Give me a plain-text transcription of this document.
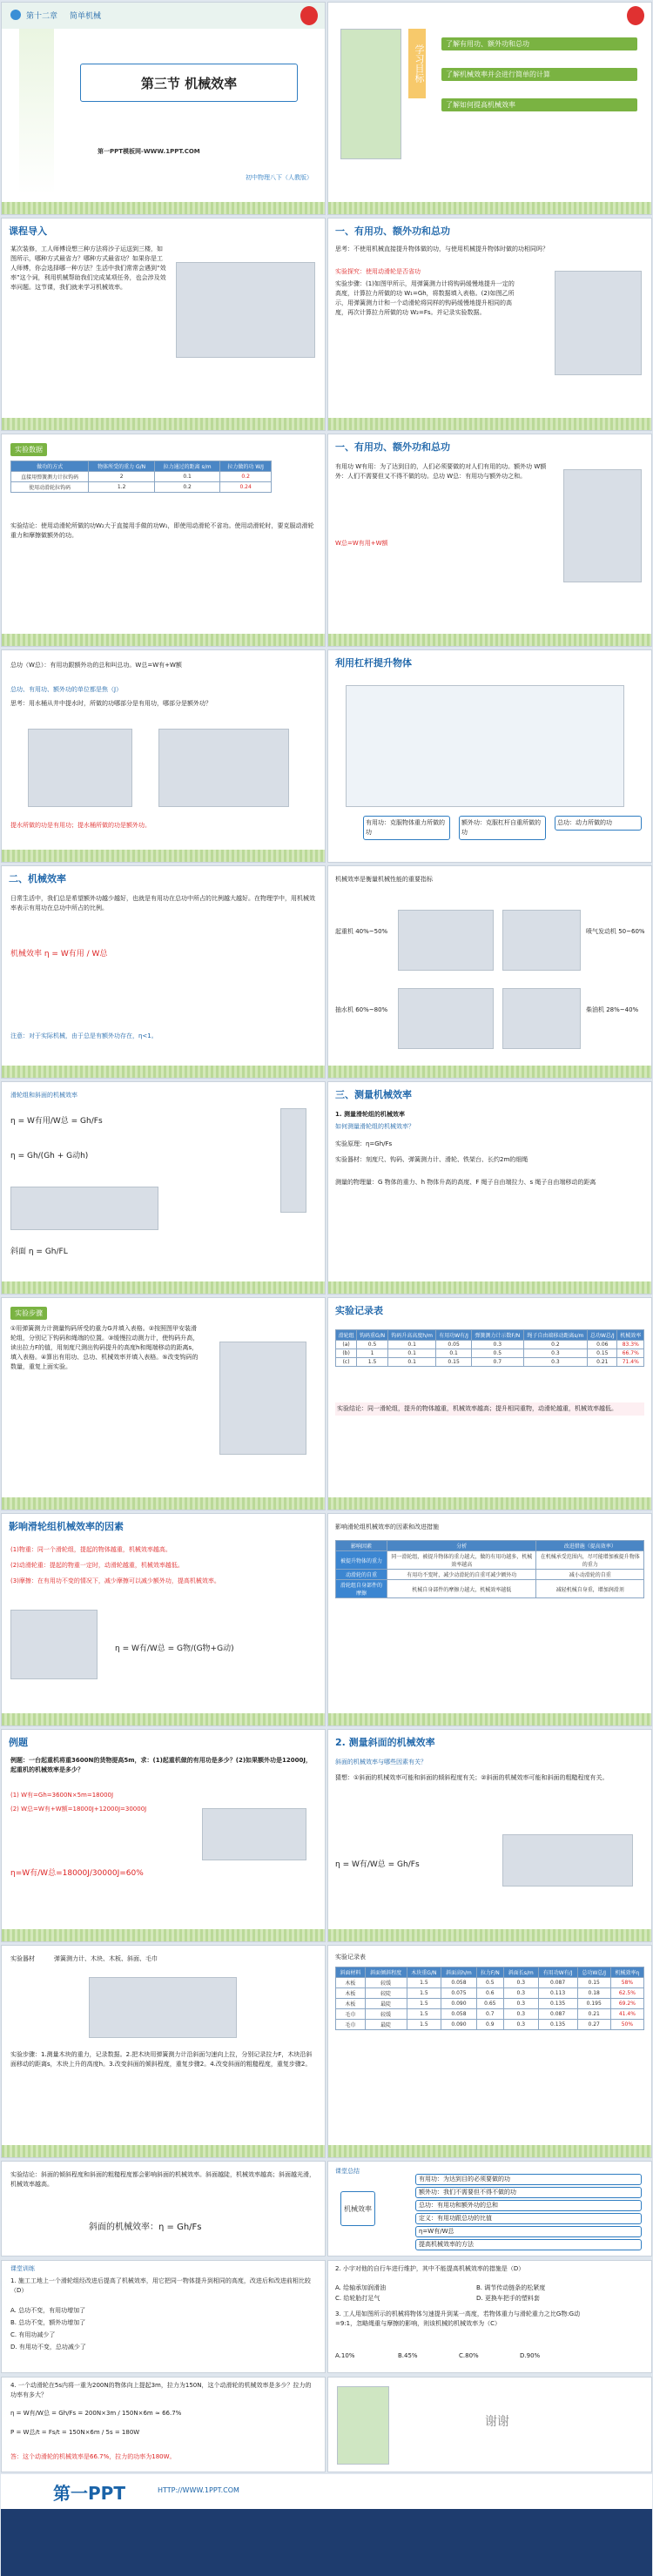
第十二章 简单机械
第三节 机械效率
第一PPT模板网-WWW.1PPT.COM
初中物理八下（人教版）
学习目标
了解有用功、额外功和总功
了解机械效率并会进行简单的计算
了解如何提高机械效率
课程导入
某次装修，工人师傅设想三种方法将沙子运送到三楼，如图所示，哪种方式最省力？哪种方式最省功？如果你是工人师傅，你会选择哪一种方法？生活中我们常常会遇到“效率”这个词，利用机械帮助我们完成某项任务，也会涉及效率问题。这节课，我们就来学习机械效率。
一、有用功、额外功和总功
思考：不使用机械直接提升物体做的功，与使用机械提升物体时做的功相同吗？
实验探究：使用动滑轮是否省功
实验步骤：(1)如图甲所示，用弹簧测力计将钩码缓慢地提升一定的高度，计算拉力所做的功 W₁=Gh，将数据填入表格。(2)如图乙所示，用弹簧测力计和一个动滑轮将同样的钩码缓慢地提升相同的高度，再次计算拉力所做的功 W₂=Fs。并记录实验数据。
实验数据
做功的方式	物体所受的重力 G/N	拉力通过的距离 s/m	拉力做的功 W/J
直接用弹簧测力计拉钩码	2	0.1	0.2
使用动滑轮拉钩码	1.2	0.2	0.24
实验结论：使用动滑轮所做的功W₂大于直接用手做的功W₁，即使用动滑轮不省功。使用动滑轮时，要克服动滑轮重力和摩擦做额外的功。
一、有用功、额外功和总功
有用功 W有用：为了达到目的，人们必须要做的对人们有用的功。额外功 W额外：人们不需要但又不得不做的功。总功 W总：有用功与额外功之和。
W总=W有用+W额
总功（W总）：有用功跟额外功的总和叫总功。W总=W有+W额
总功、有用功、额外功的单位都是焦（J）
思考：用水桶从井中提水时，所做的功哪部分是有用功，哪部分是额外功？
提水所做的功是有用功；提水桶所做的功是额外功。
利用杠杆提升物体
有用功：克服物体重力所做的功
额外功：克服杠杆自重所做的功
总功：动力所做的功
二、机械效率
日常生活中，我们总是希望额外功越少越好，也就是有用功在总功中所占的比例越大越好。在物理学中，用机械效率表示有用功在总功中所占的比例。
机械效率 η = W有用 / W总
注意：对于实际机械，由于总是有额外功存在，η<1。
机械效率是衡量机械性能的重要指标
起重机 40%~50%
抽水机 60%~80%
喷气发动机 50~60%
柴油机 28%~40%
滑轮组和斜面的机械效率
η = W有用/W总 = Gh/Fs
η = Gh/(Gh + G动h)
斜面 η = Gh/FL
三、测量机械效率
1. 测量滑轮组的机械效率
如何测量滑轮组的机械效率？
实验原理：η=Gh/Fs
实验器材：刻度尺、钩码、弹簧测力计、滑轮、铁架台、长约2m的细绳
测量的物理量：G 物体的重力、h 物体升高的高度、F 绳子自由端拉力、s 绳子自由端移动的距离
实验步骤
①用弹簧测力计测量钩码所受的重力G并填入表格。②按照图甲安装滑轮组，分别记下钩码和绳端的位置。③缓慢拉动测力计，使钩码升高，读出拉力F的值，用刻度尺测出钩码提升的高度h和绳端移动的距离s，填入表格。④算出有用功、总功、机械效率并填入表格。⑤改变钩码的数量，重复上面实验。
实验记录表
滑轮组	钩码重G/N	钩码升高高度h/m	有用功W有/J	弹簧测力计示数F/N	绳子自由端移动距离s/m	总功W总/J	机械效率
(a)	0.5	0.1	0.05	0.3	0.2	0.06	83.3%
(b)	1	0.1	0.1	0.5	0.3	0.15	66.7%
(c)	1.5	0.1	0.15	0.7	0.3	0.21	71.4%
实验结论：同一滑轮组，提升的物体越重，机械效率越高；提升相同重物，动滑轮越重，机械效率越低。
影响滑轮组机械效率的因素
(1)物重：同一个滑轮组，提起的物体越重，机械效率越高。
(2)动滑轮重：提起的物重一定时，动滑轮越重，机械效率越低。
(3)摩擦：在有用功不变的情况下，减少摩擦可以减少额外功，提高机械效率。
η = W有/W总 = G物/(G物+G动)
影响滑轮组机械效率的因素和改进措施
影响因素	分析	改进措施（提高效率）
被提升物体的重力	同一滑轮组，被提升物体的重力越大，做的有用功越多，机械效率越高	在机械承受范围内，尽可能增加被提升物体的重力
动滑轮的自重	有用功不变时，减少动滑轮的自重可减少额外功	减小动滑轮的自重
滑轮组自身部件的摩擦	机械自身部件的摩擦力越大，机械效率越低	减轻机械自身重，增加润滑剂
例题
例题：一台起重机将重3600N的货物提高5m，求：(1)起重机做的有用功是多少？(2)如果额外功是12000J，起重机的机械效率是多少？
(1) W有=Gh=3600N×5m=18000J
(2) W总=W有+W额=18000J+12000J=30000J
η=W有/W总=18000J/30000J=60%
2. 测量斜面的机械效率
斜面的机械效率与哪些因素有关？
猜想：①斜面的机械效率可能和斜面的倾斜程度有关；②斜面的机械效率可能和斜面的粗糙程度有关。
η = W有/W总 = Gh/Fs
实验器材	弹簧测力计、木块、木板、斜面、毛巾
实验步骤：1.测量木块的重力，记录数据。2.把木块用弹簧测力计沿斜面匀速向上拉，分别记录拉力F，木块沿斜面移动的距离s，木块上升的高度h。3.改变斜面的倾斜程度，重复步骤2。4.改变斜面的粗糙程度，重复步骤2。
实验记录表
斜面材料	斜面倾斜程度	木块重G/N	斜面高h/m	拉力F/N	斜面长s/m	有用功W有/J	总功W总/J	机械效率η
木板	较缓	1.5	0.058	0.5	0.3	0.087	0.15	58%
木板	较陡	1.5	0.075	0.6	0.3	0.113	0.18	62.5%
木板	最陡	1.5	0.090	0.65	0.3	0.135	0.195	69.2%
毛巾	较缓	1.5	0.058	0.7	0.3	0.087	0.21	41.4%
毛巾	最陡	1.5	0.090	0.9	0.3	0.135	0.27	50%
实验结论：斜面的倾斜程度和斜面的粗糙程度都会影响斜面的机械效率。斜面越陡，机械效率越高；斜面越光滑，机械效率越高。
斜面的机械效率：η = Gh/Fs
课堂总结
机械效率
有用功：为达到目的必须要做的功
额外功：我们不需要但不得不做的功
总功：有用功和额外功的总和
定义：有用功跟总功的比值
η=W有/W总
提高机械效率的方法
课堂训练
1. 施工工地上一个滑轮组经改进后提高了机械效率，用它把同一物体提升到相同的高度，改进后和改进前相比较（D）
A. 总功不变，有用功增加了
B. 总功不变，额外功增加了
C. 有用功减少了
D. 有用功不变，总功减少了
2. 小宇对他的自行车进行维护，其中不能提高机械效率的措施是（D）
A. 给轴承加润滑油	B. 调节传动链条的松紧度
C. 给轮胎打足气	D. 更换车把手的塑料套
3. 工人用如图所示的机械将物体匀速提升到某一高度，若物体重力与滑轮重力之比G物:G动=9:1，忽略绳重与摩擦的影响，则该机械的机械效率为（C）
A.10%	B.45%	C.80%	D.90%
4. 一个动滑轮在5s内将一重为200N的物体向上提起3m，拉力为150N，这个动滑轮的机械效率是多少？拉力的功率有多大？
η = W有/W总 = Gh/Fs = 200N×3m / 150N×6m ≈ 66.7%
P = W总/t = Fs/t = 150N×6m / 5s = 180W
答：这个动滑轮的机械效率是66.7%，拉力的功率为180W。
谢谢
第一PPT	HTTP://WWW.1PPT.COM
